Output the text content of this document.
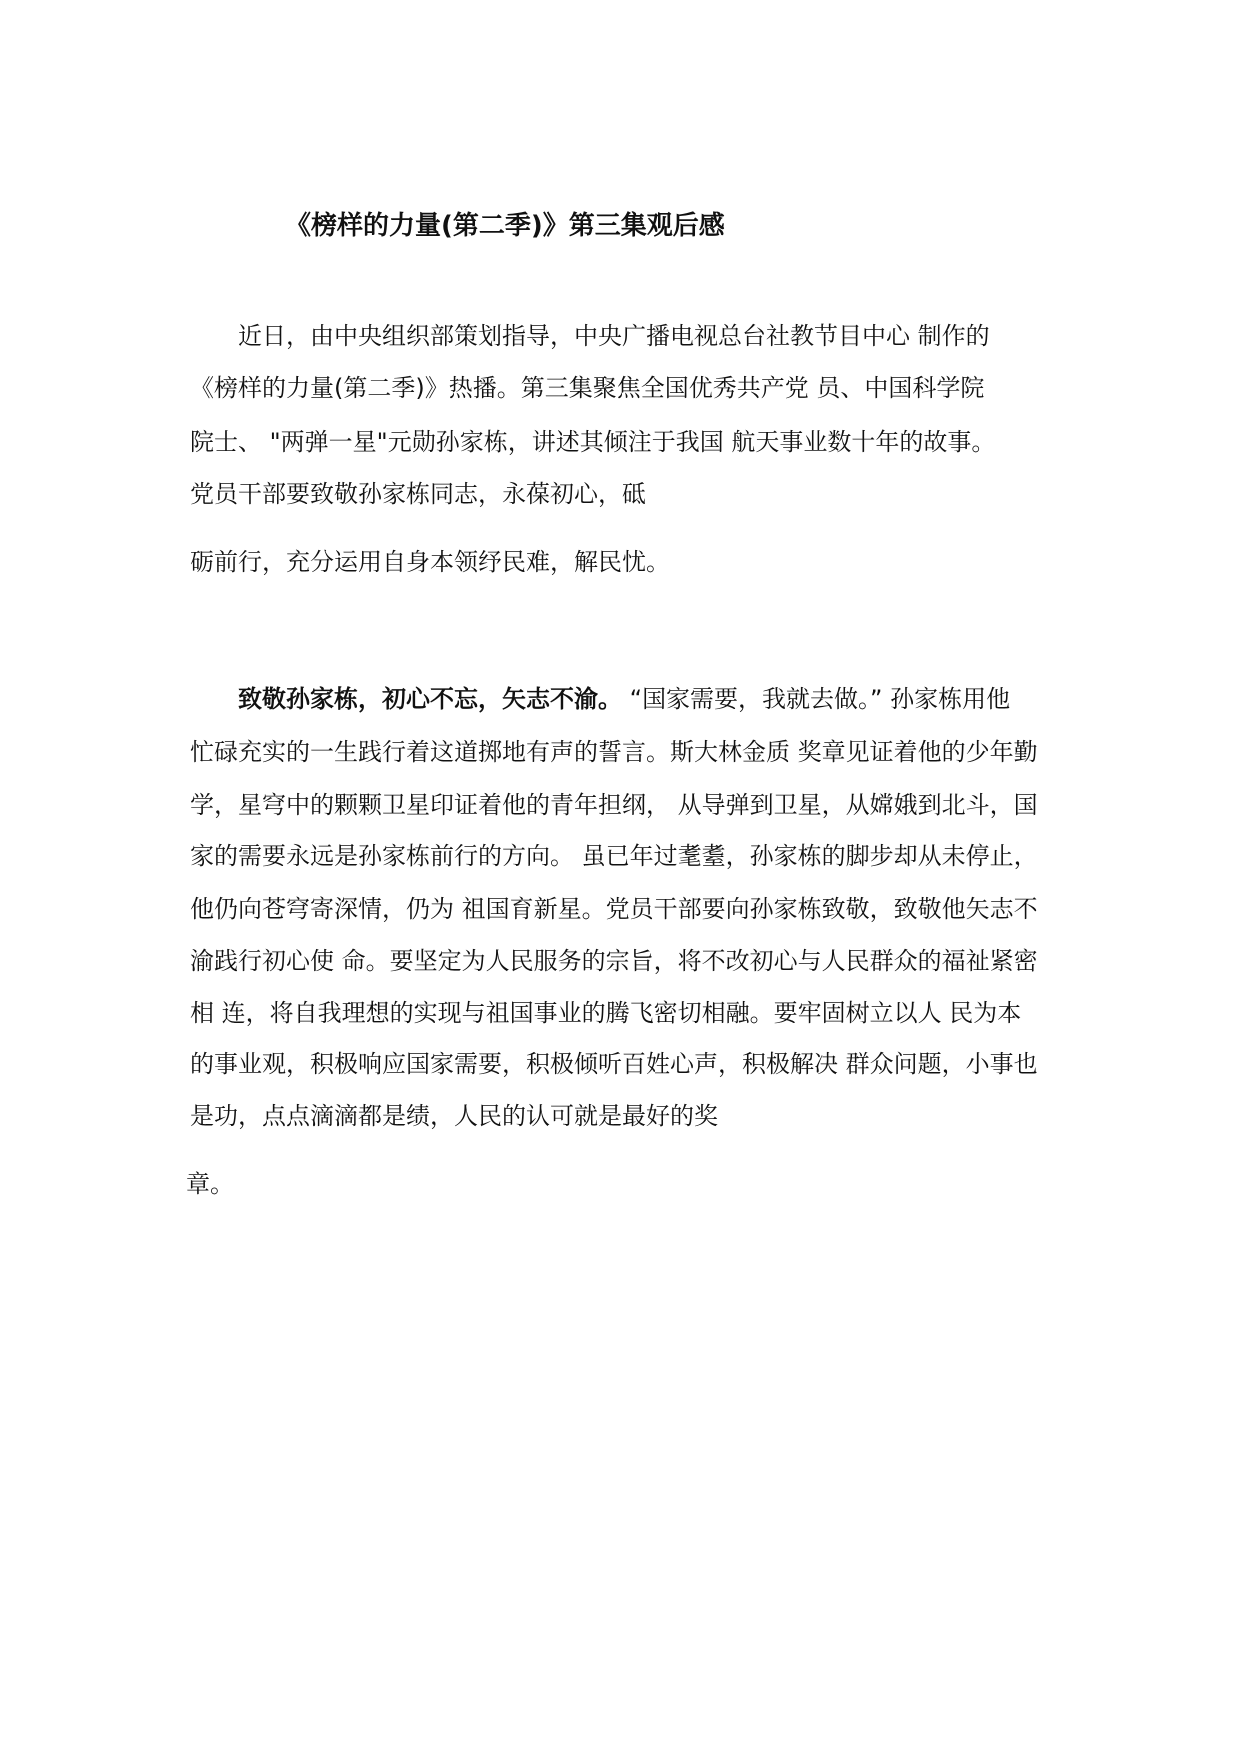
《榜样的力量(第二季)》第三集观后感
近日，由中央组织部策划指导，中央广播电视总台社教节目中心 制作的
《榜样的力量(第二季)》热播。第三集聚焦全国优秀共产党 员、中国科学院
院士、 "两弹一星"元勋孙家栋，讲述其倾注于我国 航天事业数十年的故事。
党员干部要致敬孙家栋同志，永葆初心，砥
砺前行，充分运用自身本领纾民难，解民忧。
致敬孙家栋，初心不忘，矢志不渝。 “国家需要，我就去做。” 孙家栋用他
忙碌充实的一生践行着这道掷地有声的誓言。斯大林金质 奖章见证着他的少年勤
学，星穹中的颗颗卫星印证着他的青年担纲， 从导弹到卫星，从嫦娥到北斗，国
家的需要永远是孙家栋前行的方向。 虽已年过耄耋，孙家栋的脚步却从未停止，
他仍向苍穹寄深情，仍为 祖国育新星。党员干部要向孙家栋致敬，致敬他矢志不
渝践行初心使 命。要坚定为人民服务的宗旨，将不改初心与人民群众的福祉紧密
相 连，将自我理想的实现与祖国事业的腾飞密切相融。要牢固树立以人 民为本
的事业观，积极响应国家需要，积极倾听百姓心声，积极解决 群众问题，小事也
是功，点点滴滴都是绩，人民的认可就是最好的奖
章。
